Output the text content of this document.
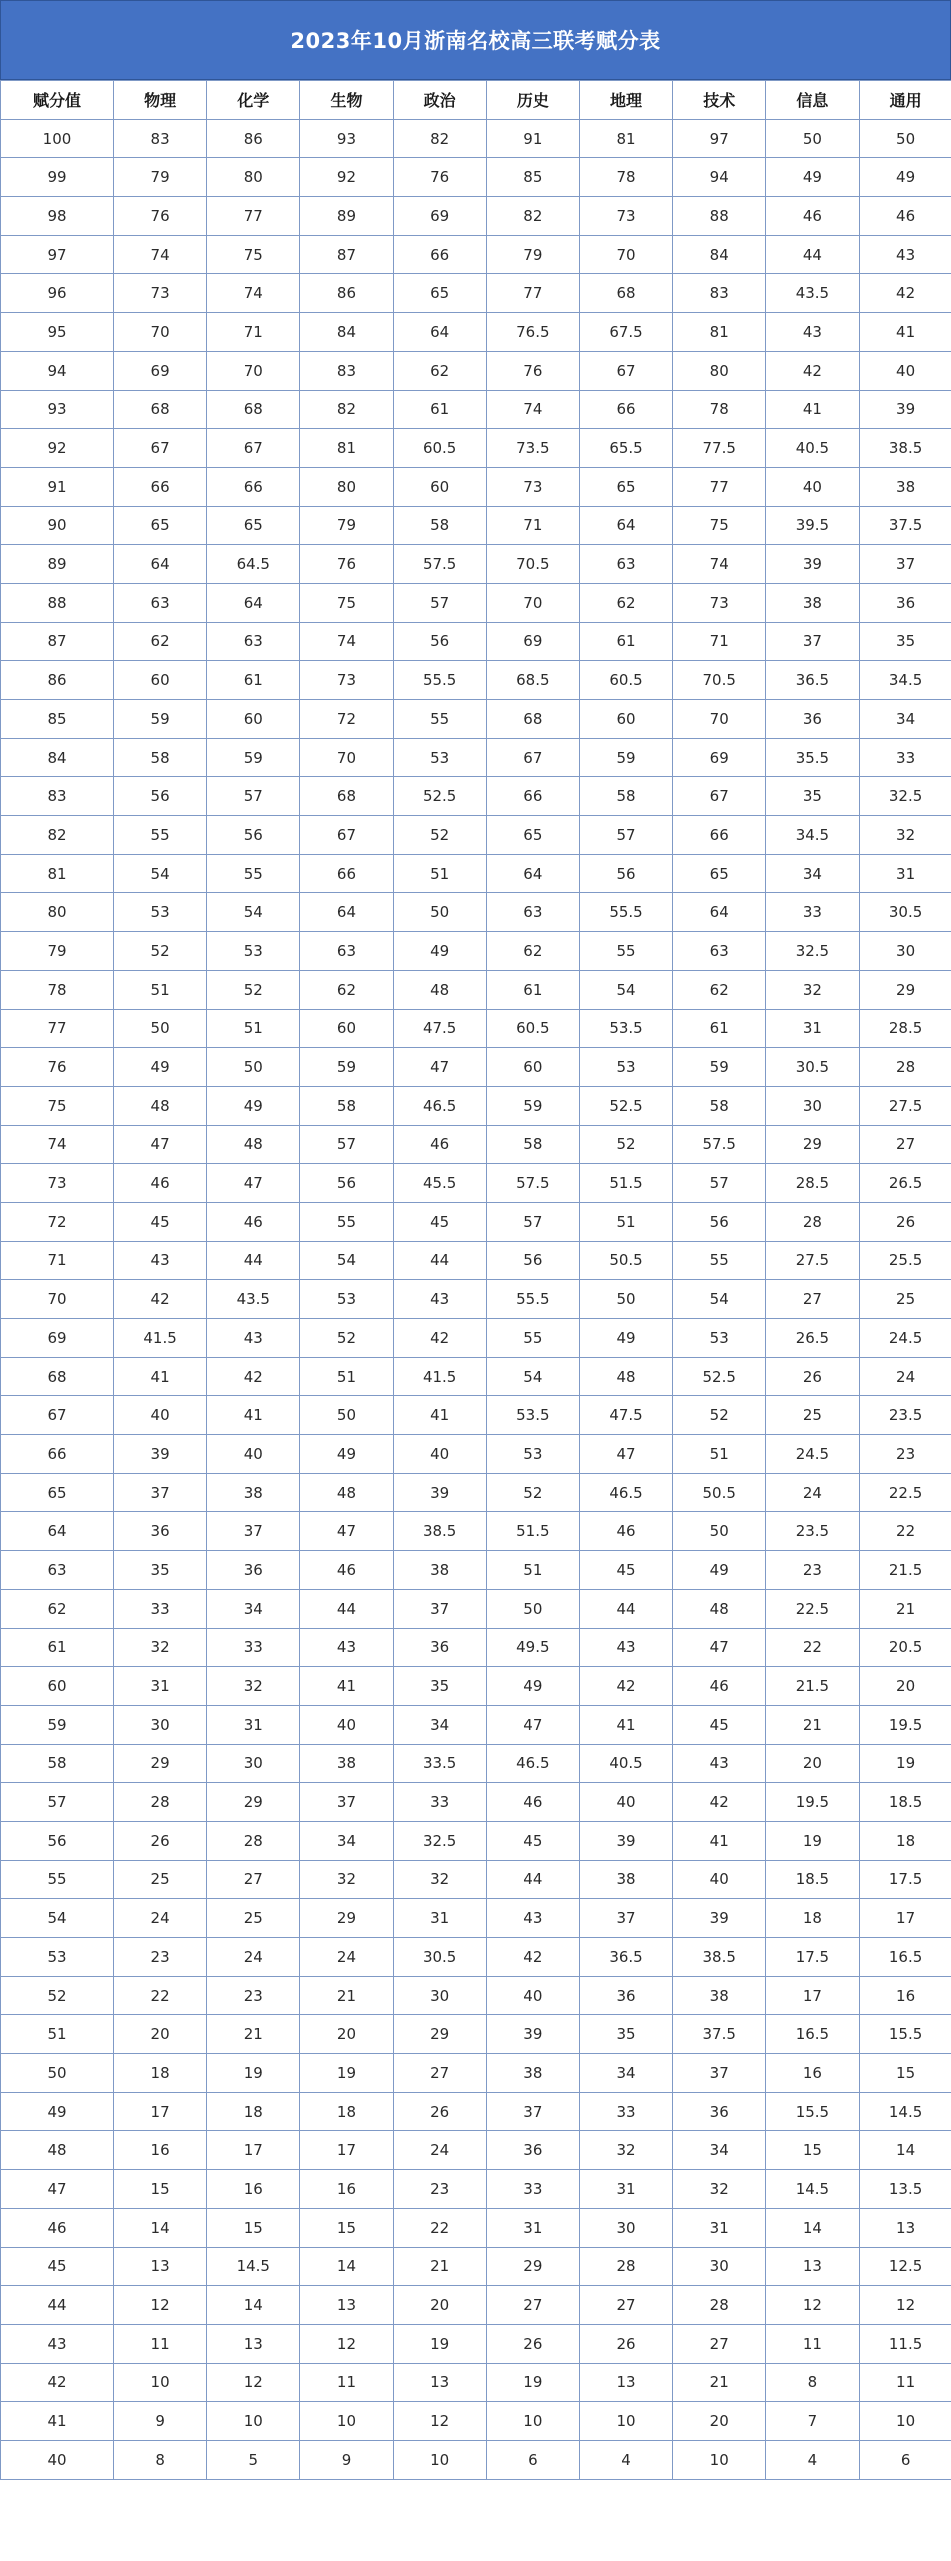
2023年10月浙南名校高三联考赋分表
赋分值	物理	化学	生物	政治	历史	地理	技术	信息	通用
100	83	86	93	82	91	81	97	50	50
99	79	80	92	76	85	78	94	49	49
98	76	77	89	69	82	73	88	46	46
97	74	75	87	66	79	70	84	44	43
96	73	74	86	65	77	68	83	43.5	42
95	70	71	84	64	76.5	67.5	81	43	41
94	69	70	83	62	76	67	80	42	40
93	68	68	82	61	74	66	78	41	39
92	67	67	81	60.5	73.5	65.5	77.5	40.5	38.5
91	66	66	80	60	73	65	77	40	38
90	65	65	79	58	71	64	75	39.5	37.5
89	64	64.5	76	57.5	70.5	63	74	39	37
88	63	64	75	57	70	62	73	38	36
87	62	63	74	56	69	61	71	37	35
86	60	61	73	55.5	68.5	60.5	70.5	36.5	34.5
85	59	60	72	55	68	60	70	36	34
84	58	59	70	53	67	59	69	35.5	33
83	56	57	68	52.5	66	58	67	35	32.5
82	55	56	67	52	65	57	66	34.5	32
81	54	55	66	51	64	56	65	34	31
80	53	54	64	50	63	55.5	64	33	30.5
79	52	53	63	49	62	55	63	32.5	30
78	51	52	62	48	61	54	62	32	29
77	50	51	60	47.5	60.5	53.5	61	31	28.5
76	49	50	59	47	60	53	59	30.5	28
75	48	49	58	46.5	59	52.5	58	30	27.5
74	47	48	57	46	58	52	57.5	29	27
73	46	47	56	45.5	57.5	51.5	57	28.5	26.5
72	45	46	55	45	57	51	56	28	26
71	43	44	54	44	56	50.5	55	27.5	25.5
70	42	43.5	53	43	55.5	50	54	27	25
69	41.5	43	52	42	55	49	53	26.5	24.5
68	41	42	51	41.5	54	48	52.5	26	24
67	40	41	50	41	53.5	47.5	52	25	23.5
66	39	40	49	40	53	47	51	24.5	23
65	37	38	48	39	52	46.5	50.5	24	22.5
64	36	37	47	38.5	51.5	46	50	23.5	22
63	35	36	46	38	51	45	49	23	21.5
62	33	34	44	37	50	44	48	22.5	21
61	32	33	43	36	49.5	43	47	22	20.5
60	31	32	41	35	49	42	46	21.5	20
59	30	31	40	34	47	41	45	21	19.5
58	29	30	38	33.5	46.5	40.5	43	20	19
57	28	29	37	33	46	40	42	19.5	18.5
56	26	28	34	32.5	45	39	41	19	18
55	25	27	32	32	44	38	40	18.5	17.5
54	24	25	29	31	43	37	39	18	17
53	23	24	24	30.5	42	36.5	38.5	17.5	16.5
52	22	23	21	30	40	36	38	17	16
51	20	21	20	29	39	35	37.5	16.5	15.5
50	18	19	19	27	38	34	37	16	15
49	17	18	18	26	37	33	36	15.5	14.5
48	16	17	17	24	36	32	34	15	14
47	15	16	16	23	33	31	32	14.5	13.5
46	14	15	15	22	31	30	31	14	13
45	13	14.5	14	21	29	28	30	13	12.5
44	12	14	13	20	27	27	28	12	12
43	11	13	12	19	26	26	27	11	11.5
42	10	12	11	13	19	13	21	8	11
41	9	10	10	12	10	10	20	7	10
40	8	5	9	10	6	4	10	4	6
